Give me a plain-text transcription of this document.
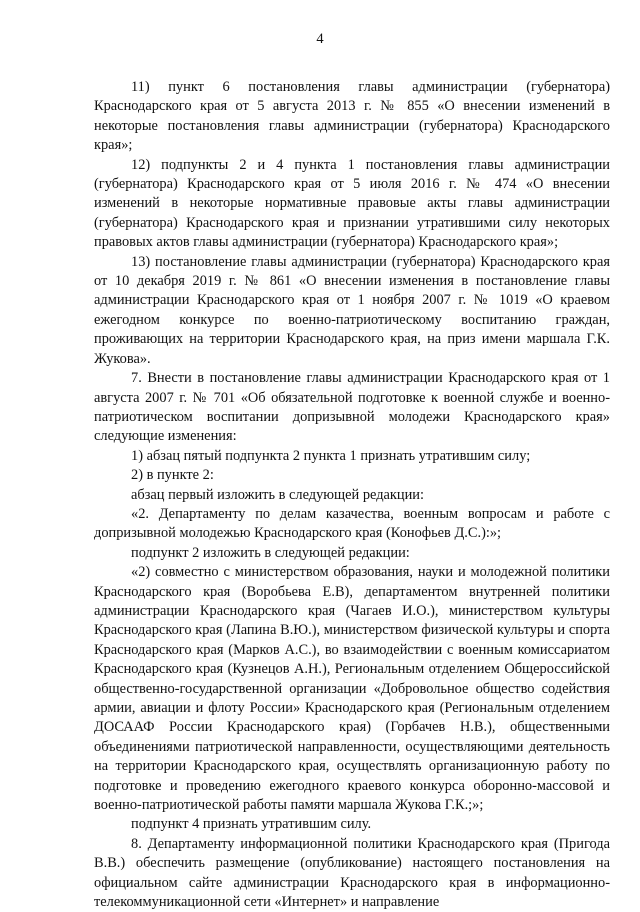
4

11) пункт 6 постановления главы администрации (губернатора) Краснодарского края от 5 августа 2013 г. № 855 «О внесении изменений в некоторые постановления главы администрации (губернатора) Краснодарского края»;

12) подпункты 2 и 4 пункта 1 постановления главы администрации (губернатора) Краснодарского края от 5 июля 2016 г. № 474 «О внесении изменений в некоторые нормативные правовые акты главы администрации (губернатора) Краснодарского края и признании утратившими силу некоторых правовых актов главы администрации (губернатора) Краснодарского края»;

13) постановление главы администрации (губернатора) Краснодарского края от 10 декабря 2019 г. № 861 «О внесении изменения в постановление главы администрации Краснодарского края от 1 ноября 2007 г. № 1019 «О краевом ежегодном конкурсе по военно-патриотическому воспитанию граждан, проживающих на территории Краснодарского края, на приз имени маршала Г.К. Жукова».

7. Внести в постановление главы администрации Краснодарского края от 1 августа 2007 г. № 701 «Об обязательной подготовке к военной службе и военно-патриотическом воспитании допризывной молодежи Краснодарского края» следующие изменения:

1) абзац пятый подпункта 2 пункта 1 признать утратившим силу;

2) в пункте 2:

абзац первый изложить в следующей редакции:

«2. Департаменту по делам казачества, военным вопросам и работе с допризывной молодежью Краснодарского края (Конофьев Д.С.):»;

подпункт 2 изложить в следующей редакции:

«2) совместно с министерством образования, науки и молодежной политики Краснодарского края (Воробьева Е.В), департаментом внутренней политики администрации Краснодарского края (Чагаев И.О.), министерством культуры Краснодарского края (Лапина В.Ю.), министерством физической культуры и спорта Краснодарского края (Марков А.С.), во взаимодействии с военным комиссариатом Краснодарского края (Кузнецов А.Н.), Региональным отделением Общероссийской общественно-государственной организации «Добровольное общество содействия армии, авиации и флоту России» Краснодарского края (Региональным отделением ДОСААФ России Краснодарского края) (Горбачев Н.В.), общественными объединениями патриотической направленности, осуществляющими деятельность на территории Краснодарского края, осуществлять организационную работу по подготовке и проведению ежегодного краевого конкурса оборонно-массовой и военно-патриотической работы памяти маршала Жукова Г.К.;»;

подпункт 4 признать утратившим силу.

8. Департаменту информационной политики Краснодарского края (Пригода В.В.) обеспечить размещение (опубликование) настоящего постановления на официальном сайте администрации Краснодарского края в информационно-телекоммуникационной сети «Интернет» и направление
